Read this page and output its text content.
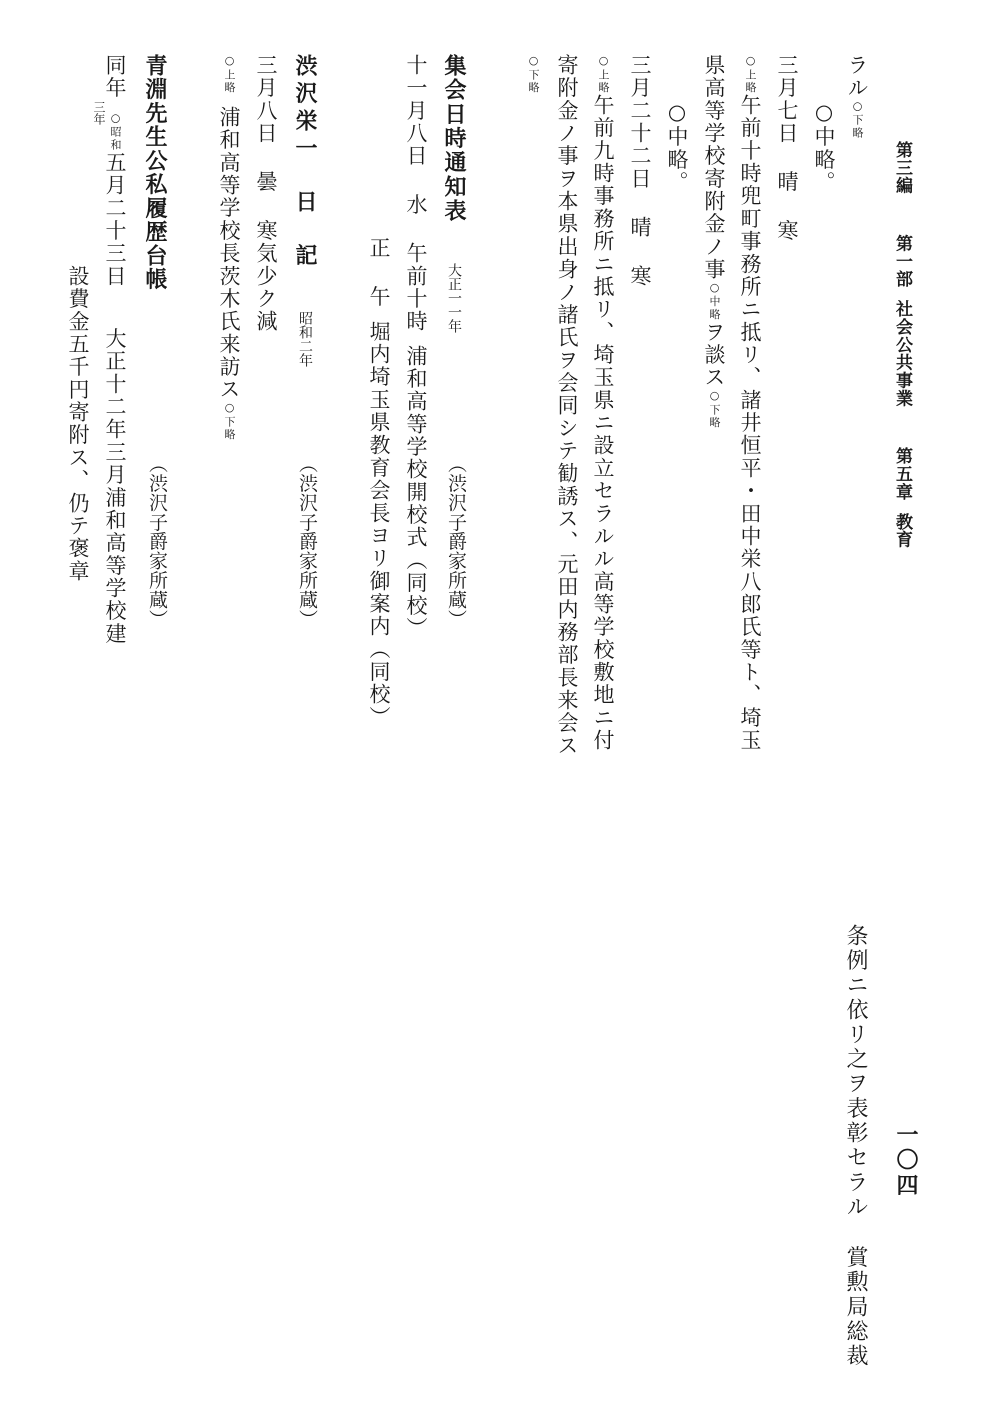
第三編第一部社会公共事業第五章教育
ラル○下略
○中略。
三月七日晴寒
○上略午前十時兜町事務所ニ抵リ、諸井恒平・田中栄八郎氏等ト、埼玉
県高等学校寄附金ノ事○中略ヲ談ス○下略
○中略。
三月二十二日晴寒
○上略午前九時事務所ニ抵リ、埼玉県ニ設立セラルル高等学校敷地ニ付
寄附金ノ事ヲ本県出身ノ諸氏ヲ会同シテ勧誘ス、元田内務部長来会ス
○下略
集会日時通知表大正一一年
（渋沢子爵家所蔵）
十一月八日水午前十時浦和高等学校開校式（同校）
正午堀内埼玉県教育会長ヨリ御案内（同校）
渋沢栄一日記昭和二年
（渋沢子爵家所蔵）
三月八日曇寒気少ク減
○上略浦和高等学校長茨木氏来訪ス○下略
青淵先生公私履歴台帳
（渋沢子爵家所蔵）
同年○昭和五月二十三日大正十二年三月浦和高等学校建
三年
設費金五千円寄附ス、仍テ褒章
条例ニ依リ之ヲ表彰セラル賞勲局総裁
一〇四
